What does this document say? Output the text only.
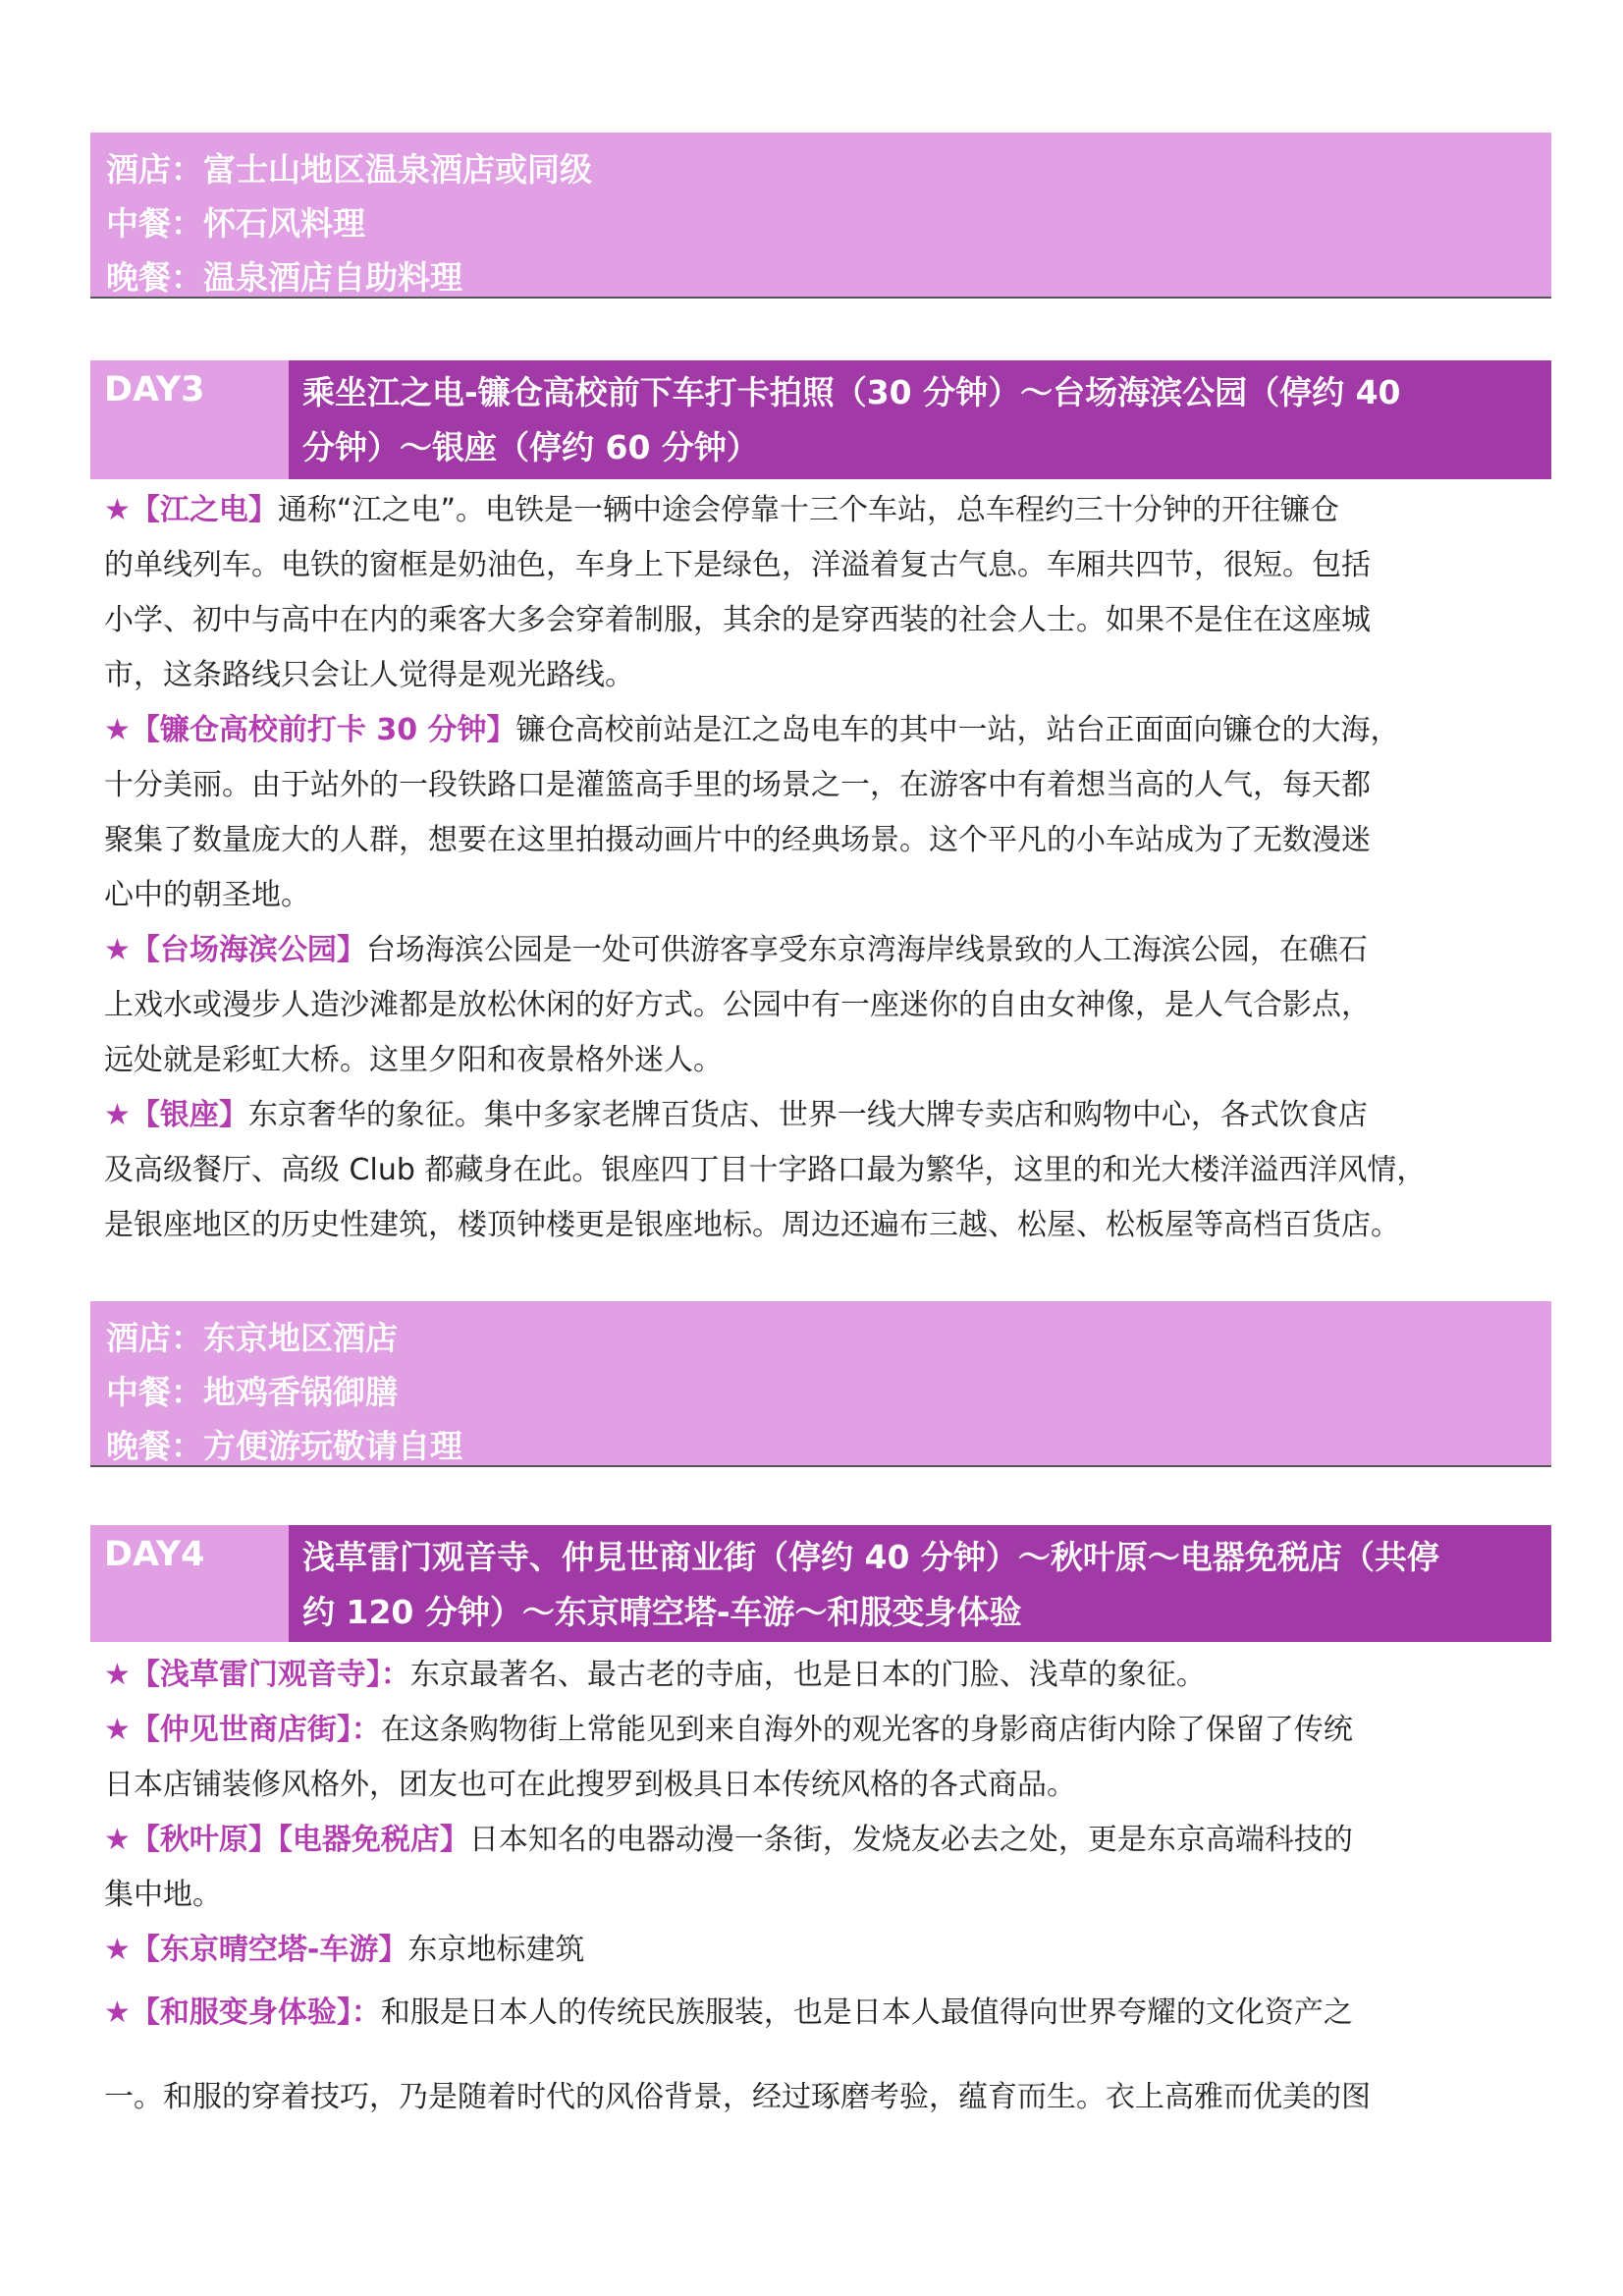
酒店：富士山地区温泉酒店或同级
中餐：怀石风料理
晚餐：温泉酒店自助料理
DAY3	乘坐江之电-镰仓高校前下车打卡拍照（30 分钟）～台场海滨公园（停约 40
分钟）～银座（停约 60 分钟）
★【江之电】通称“江之电”。电铁是一辆中途会停靠十三个车站，总车程约三十分钟的开往镰仓
的单线列车。电铁的窗框是奶油色，车身上下是绿色，洋溢着复古气息。车厢共四节，很短。包括
小学、初中与高中在内的乘客大多会穿着制服，其余的是穿西装的社会人士。如果不是住在这座城
市，这条路线只会让人觉得是观光路线。
★【镰仓高校前打卡 30 分钟】镰仓高校前站是江之岛电车的其中一站，站台正面面向镰仓的大海，
十分美丽。由于站外的一段铁路口是灌篮高手里的场景之一，在游客中有着想当高的人气，每天都
聚集了数量庞大的人群，想要在这里拍摄动画片中的经典场景。这个平凡的小车站成为了无数漫迷
心中的朝圣地。
★【台场海滨公园】台场海滨公园是一处可供游客享受东京湾海岸线景致的人工海滨公园，在礁石
上戏水或漫步人造沙滩都是放松休闲的好方式。公园中有一座迷你的自由女神像，是人气合影点，
远处就是彩虹大桥。这里夕阳和夜景格外迷人。
★【银座】东京奢华的象征。集中多家老牌百货店、世界一线大牌专卖店和购物中心，各式饮食店
及高级餐厅、高级 Club 都藏身在此。银座四丁目十字路口最为繁华，这里的和光大楼洋溢西洋风情，
是银座地区的历史性建筑，楼顶钟楼更是银座地标。周边还遍布三越、松屋、松板屋等高档百货店。
酒店：东京地区酒店
中餐：地鸡香锅御膳
晚餐：方便游玩敬请自理
DAY4	浅草雷门观音寺、仲見世商业街（停约 40 分钟）～秋叶原～电器免税店（共停
约 120 分钟）～东京晴空塔-车游～和服变身体验
★【浅草雷门观音寺】：东京最著名、最古老的寺庙，也是日本的门脸、浅草的象征。
★【仲见世商店街】：在这条购物街上常能见到来自海外的观光客的身影商店街内除了保留了传统
日本店铺装修风格外，团友也可在此搜罗到极具日本传统风格的各式商品。
★【秋叶原】【电器免税店】日本知名的电器动漫一条街，发烧友必去之处，更是东京高端科技的
集中地。
★【东京晴空塔-车游】东京地标建筑
★【和服变身体验】：和服是日本人的传统民族服装，也是日本人最值得向世界夸耀的文化资产之
一。和服的穿着技巧，乃是随着时代的风俗背景，经过琢磨考验，蕴育而生。衣上高雅而优美的图
